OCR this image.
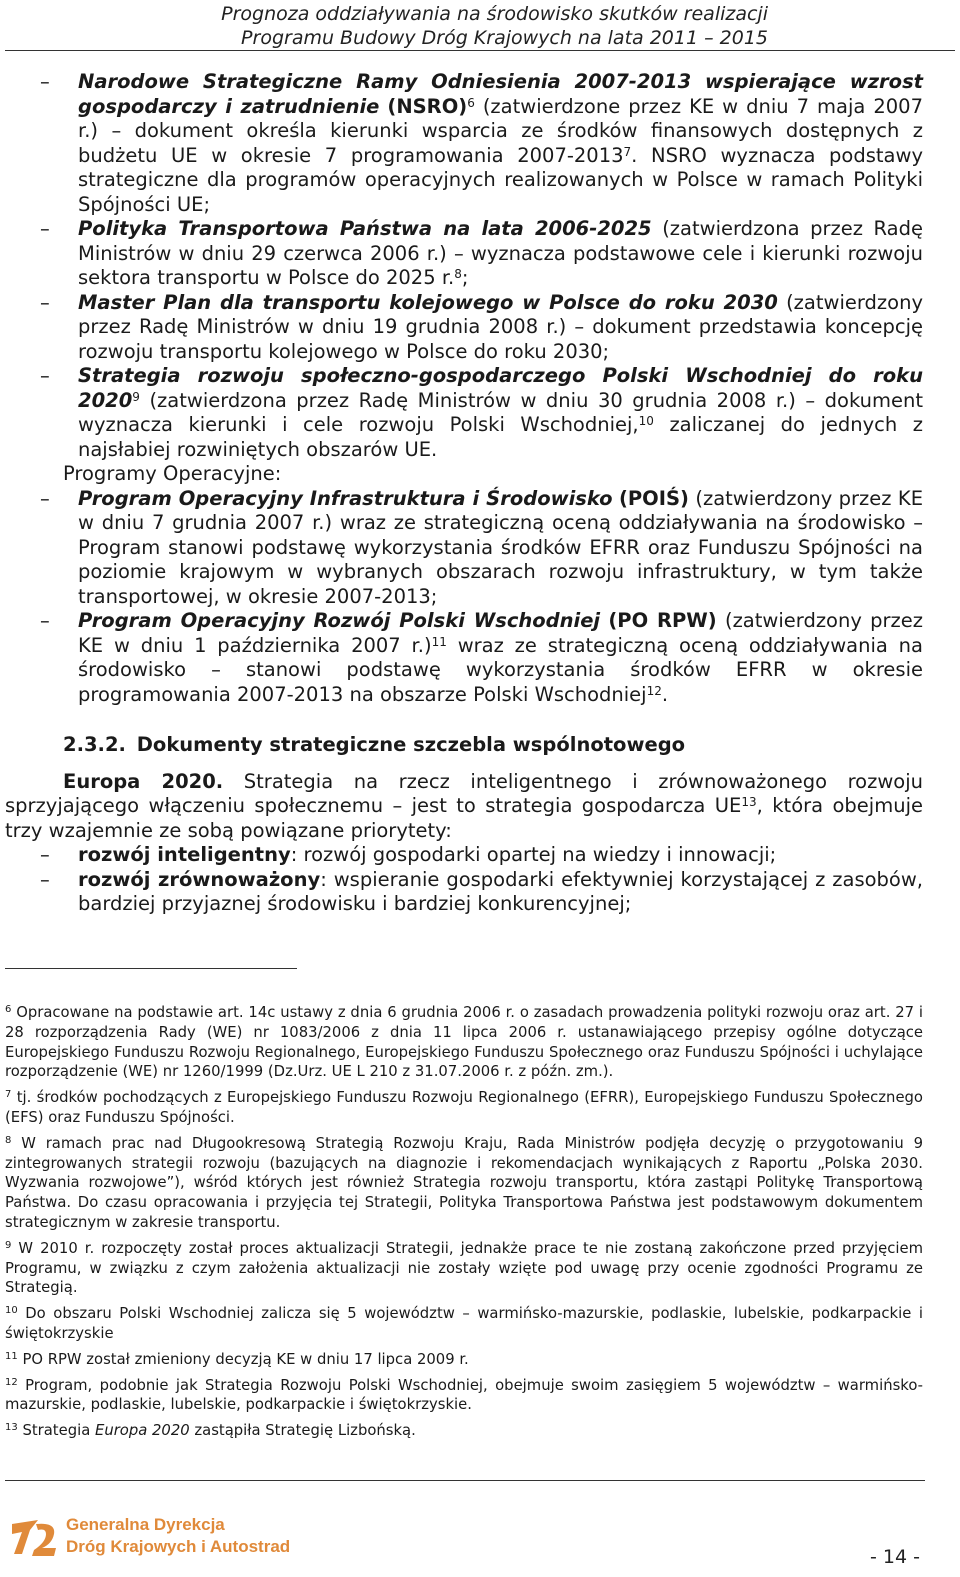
Prognoza oddziaływania na środowisko skutków realizacji
Programu Budowy Dróg Krajowych na lata 2011 – 2015
– Narodowe Strategiczne Ramy Odniesienia 2007-2013 wspierające wzrost gospodarczy i zatrudnienie (NSRO)$^6$ (zatwierdzone przez KE w dniu 7 maja 2007 r.) – dokument określa kierunki wsparcia ze środków finansowych dostępnych z budżetu UE w okresie 7 programowania 2007-2013$^7$. NSRO wyznacza podstawy strategiczne dla programów operacyjnych realizowanych w Polsce w ramach Polityki Spójności UE;
– Polityka Transportowa Państwa na lata 2006-2025 (zatwierdzona przez Radę Ministrów w dniu 29 czerwca 2006 r.) – wyznacza podstawowe cele i kierunki rozwoju sektora transportu w Polsce do 2025 r.$^8$;
– Master Plan dla transportu kolejowego w Polsce do roku 2030 (zatwierdzony przez Radę Ministrów w dniu 19 grudnia 2008 r.) – dokument przedstawia koncepcję rozwoju transportu kolejowego w Polsce do roku 2030;
– Strategia rozwoju społeczno-gospodarczego Polski Wschodniej do roku 2020$^9$ (zatwierdzona przez Radę Ministrów w dniu 30 grudnia 2008 r.) – dokument wyznacza kierunki i cele rozwoju Polski Wschodniej,$^{10}$ zaliczanej do jednych z najsłabiej rozwiniętych obszarów UE.
Programy Operacyjne:
– Program Operacyjny Infrastruktura i Środowisko (POIŚ) (zatwierdzony przez KE w dniu 7 grudnia 2007 r.) wraz ze strategiczną oceną oddziaływania na środowisko – Program stanowi podstawę wykorzystania środków EFRR oraz Funduszu Spójności na poziomie krajowym w wybranych obszarach rozwoju infrastruktury, w tym także transportowej, w okresie 2007-2013;
– Program Operacyjny Rozwój Polski Wschodniej (PO RPW) (zatwierdzony przez KE w dniu 1 października 2007 r.)$^{11}$ wraz ze strategiczną oceną oddziaływania na środowisko – stanowi podstawę wykorzystania środków EFRR w okresie programowania 2007-2013 na obszarze Polski Wschodniej$^{12}$.
2.3.2. Dokumenty strategiczne szczebla wspólnotowego
Europa 2020. Strategia na rzecz inteligentnego i zrównoważonego rozwoju sprzyjającego włączeniu społecznemu – jest to strategia gospodarcza UE$^{13}$, która obejmuje trzy wzajemnie ze sobą powiązane priorytety:
– rozwój inteligentny: rozwój gospodarki opartej na wiedzy i innowacji;
– rozwój zrównoważony: wspieranie gospodarki efektywniej korzystającej z zasobów, bardziej przyjaznej środowisku i bardziej konkurencyjnej;
$^6$ Opracowane na podstawie art. 14c ustawy z dnia 6 grudnia 2006 r. o zasadach prowadzenia polityki rozwoju oraz art. 27 i 28 rozporządzenia Rady (WE) nr 1083/2006 z dnia 11 lipca 2006 r. ustanawiającego przepisy ogólne dotyczące Europejskiego Funduszu Rozwoju Regionalnego, Europejskiego Funduszu Społecznego oraz Funduszu Spójności i uchylające rozporządzenie (WE) nr 1260/1999 (Dz.Urz. UE L 210 z 31.07.2006 r. z późn. zm.).
$^7$ tj. środków pochodzących z Europejskiego Funduszu Rozwoju Regionalnego (EFRR), Europejskiego Funduszu Społecznego (EFS) oraz Funduszu Spójności.
$^8$ W ramach prac nad Długookresową Strategią Rozwoju Kraju, Rada Ministrów podjęła decyzję o przygotowaniu 9 zintegrowanych strategii rozwoju (bazujących na diagnozie i rekomendacjach wynikających z Raportu „Polska 2030. Wyzwania rozwojowe”), wśród których jest również Strategia rozwoju transportu, która zastąpi Politykę Transportową Państwa. Do czasu opracowania i przyjęcia tej Strategii, Polityka Transportowa Państwa jest podstawowym dokumentem strategicznym w zakresie transportu.
$^9$ W 2010 r. rozpoczęty został proces aktualizacji Strategii, jednakże prace te nie zostaną zakończone przed przyjęciem Programu, w związku z czym założenia aktualizacji nie zostały wzięte pod uwagę przy ocenie zgodności Programu ze Strategią.
$^{10}$ Do obszaru Polski Wschodniej zalicza się 5 województw – warmińsko-mazurskie, podlaskie, lubelskie, podkarpackie i świętokrzyskie
$^{11}$ PO RPW został zmieniony decyzją KE w dniu 17 lipca 2009 r.
$^{12}$ Program, podobnie jak Strategia Rozwoju Polski Wschodniej, obejmuje swoim zasięgiem 5 województw – warmińsko-mazurskie, podlaskie, lubelskie, podkarpackie i świętokrzyskie.
$^{13}$ Strategia Europa 2020 zastąpiła Strategię Lizbońską.
Generalna Dyrekcja
Dróg Krajowych i Autostrad	- 14 -
